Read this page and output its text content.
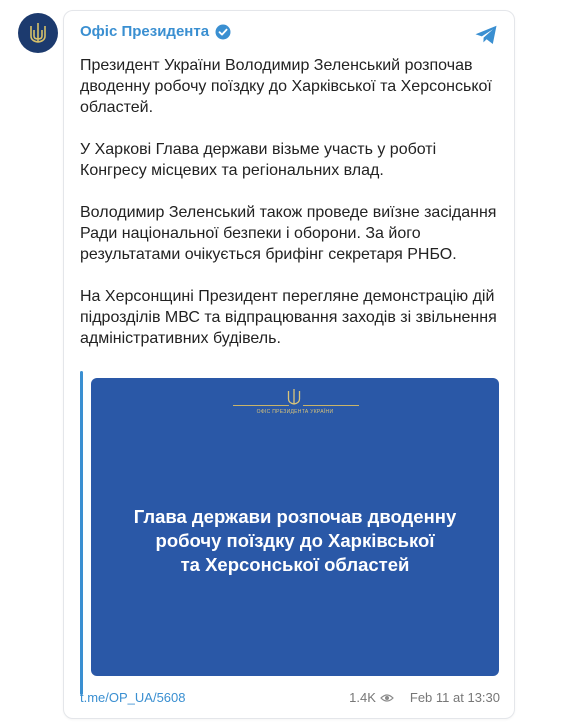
Офіс Президента

Президент України Володимир Зеленський розпочав дводенну робочу поїздку до Харківської та Херсонської областей.

У Харкові Глава держави візьме участь у роботі Конгресу місцевих та регіональних влад.

Володимир Зеленський також проведе виїзне засідання Ради національної безпеки і оборони. За його результатами очікується брифінг секретаря РНБО.

На Херсонщині Президент перегляне демонстрацію дій підрозділів МВС та відпрацювання заходів зі звільнення адміністративних будівель.

ОФІС ПРЕЗИДЕНТА УКРАЇНИ
Глава держави розпочав дводенну
робочу поїздку до Харківської
та Херсонської областей
t.me/OP_UA/5608	1.4K	Feb 11 at 13:30
